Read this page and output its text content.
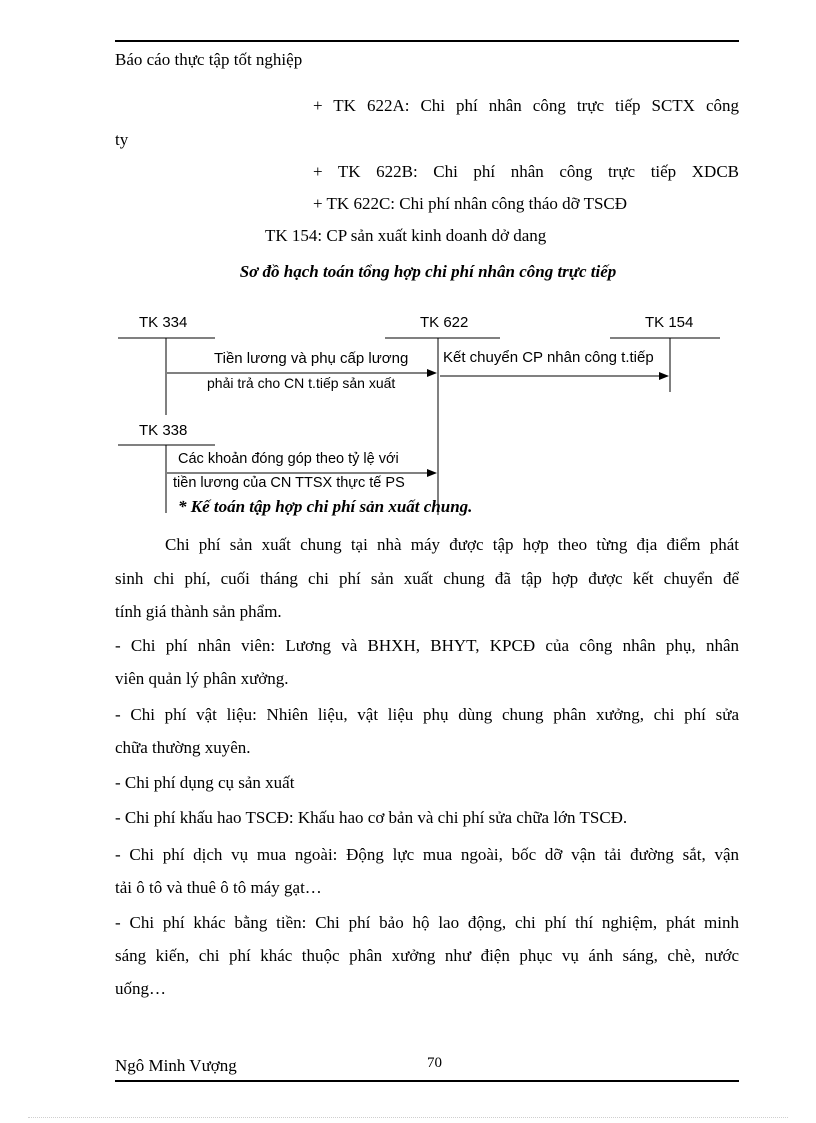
Báo cáo thực tập tốt nghiệp
+ TK 622A: Chi phí nhân công trực tiếp SCTX công
ty
+ TK 622B: Chi phí nhân công trực tiếp XDCB
+ TK 622C: Chi phí nhân công tháo dỡ TSCĐ
TK 154: CP sản xuất kinh doanh dở dang
Sơ đồ hạch toán tổng hợp chi phí nhân công trực tiếp
TK 334	TK 622	TK 154
TK 338
Tiền lương và phụ cấp lương
phải trả cho CN t.tiếp sản xuất
Kết chuyển CP nhân công t.tiếp
Các khoản đóng góp theo tỷ lệ với
tiền lương của CN TTSX thực tế PS
* Kế toán tập hợp chi phí sản xuất chung.
Chi phí sản xuất chung tại nhà máy được tập hợp theo từng địa điểm phát
sinh chi phí, cuối tháng chi phí sản xuất chung đã tập hợp được kết chuyển để
tính giá thành sản phẩm.
- Chi phí nhân viên: Lương và BHXH, BHYT, KPCĐ của công nhân phụ, nhân
viên quản lý phân xưởng.
- Chi phí vật liệu: Nhiên liệu, vật liệu phụ dùng chung phân xưởng, chi phí sửa
chữa thường xuyên.
- Chi phí dụng cụ sản xuất
- Chi phí khấu hao TSCĐ: Khấu hao cơ bản và chi phí sửa chữa lớn TSCĐ.
- Chi phí dịch vụ mua ngoài: Động lực mua ngoài, bốc dỡ vận tải đường sắt, vận
tải ô tô và thuê ô tô máy gạt…
- Chi phí khác bằng tiền: Chi phí bảo hộ lao động, chi phí thí nghiệm, phát minh
sáng kiến, chi phí khác thuộc phân xưởng như điện phục vụ ánh sáng, chè, nước
uống…
Ngô Minh Vượng	70
